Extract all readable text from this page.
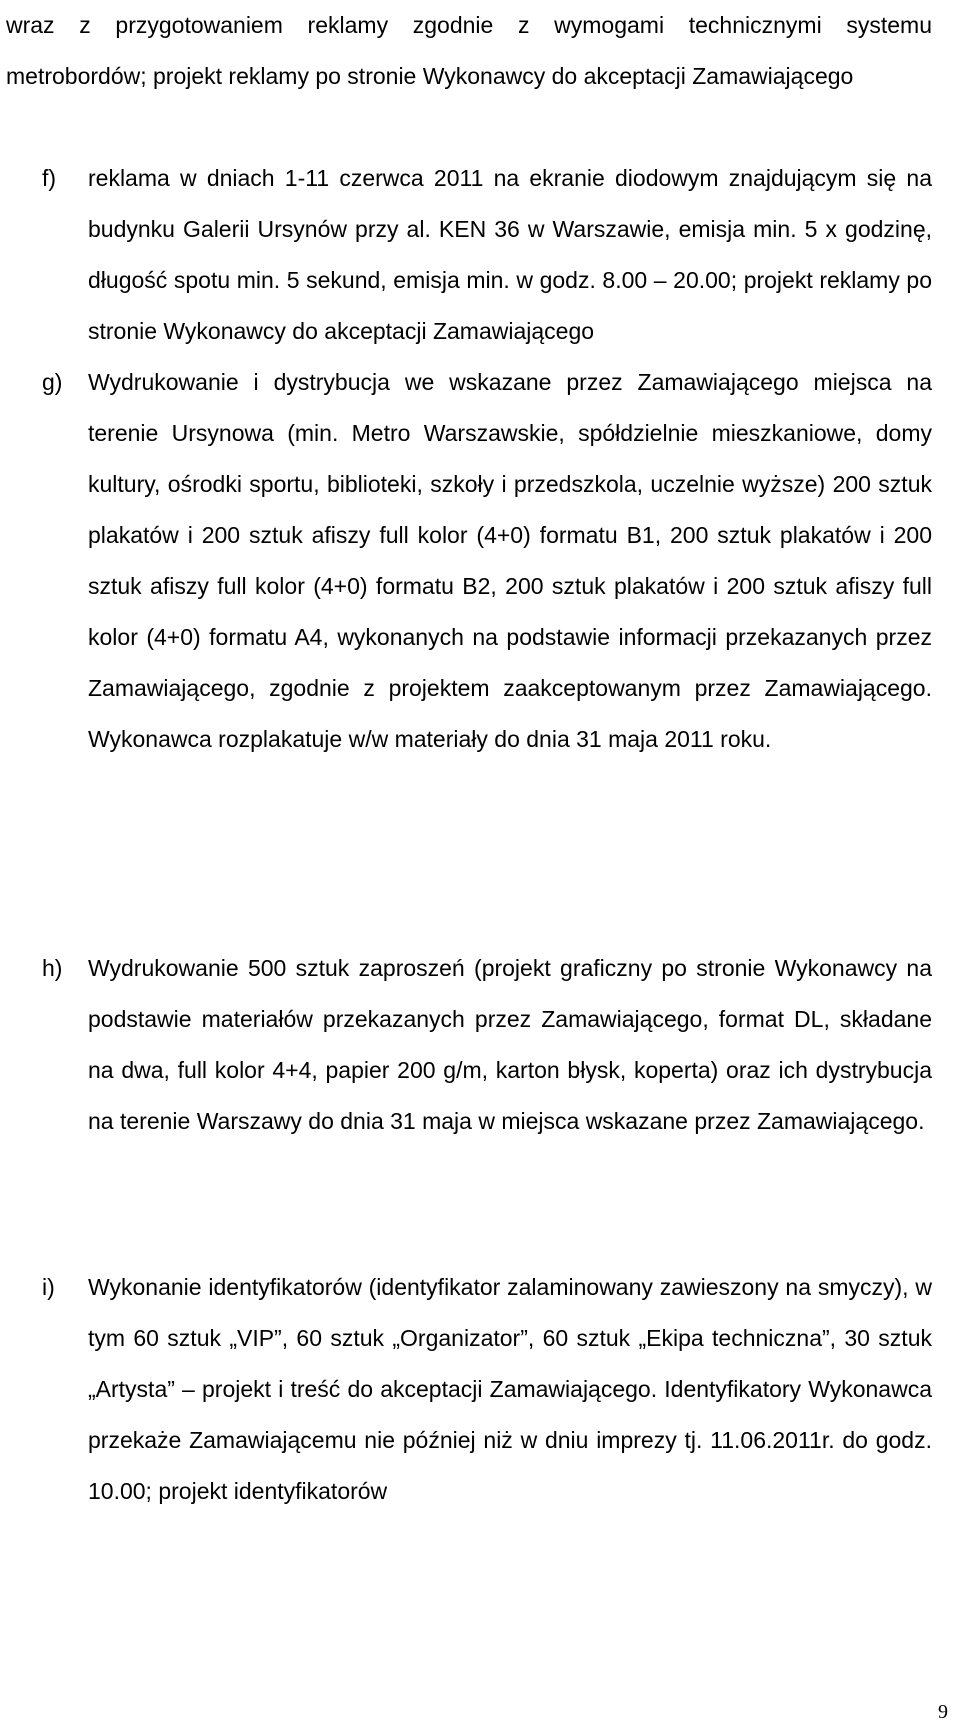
wraz z przygotowaniem reklamy zgodnie z wymogami technicznymi systemu metrobordów; projekt reklamy po stronie Wykonawcy do akceptacji Zamawiającego

f)	reklama w dniach 1-11 czerwca 2011 na ekranie diodowym znajdującym się na budynku Galerii Ursynów przy al. KEN 36 w Warszawie, emisja min. 5 x godzinę, długość spotu min. 5 sekund, emisja min. w godz. 8.00 – 20.00; projekt reklamy po stronie Wykonawcy do akceptacji Zamawiającego
g)	Wydrukowanie i dystrybucja we wskazane przez Zamawiającego miejsca na terenie Ursynowa (min. Metro Warszawskie, spółdzielnie mieszkaniowe, domy kultury, ośrodki sportu, biblioteki, szkoły i przedszkola, uczelnie wyższe) 200 sztuk plakatów i 200 sztuk afiszy full kolor (4+0) formatu B1, 200 sztuk plakatów i 200 sztuk afiszy full kolor (4+0) formatu B2, 200 sztuk plakatów i 200 sztuk afiszy full kolor (4+0) formatu A4, wykonanych na podstawie informacji przekazanych przez Zamawiającego, zgodnie z projektem zaakceptowanym przez Zamawiającego. Wykonawca rozplakatuje w/w materiały do dnia 31 maja 2011 roku.
h)	Wydrukowanie 500 sztuk zaproszeń (projekt graficzny po stronie Wykonawcy na podstawie materiałów przekazanych przez Zamawiającego, format DL, składane na dwa, full kolor 4+4, papier 200 g/m, karton błysk, koperta) oraz ich dystrybucja na terenie Warszawy do dnia 31 maja w miejsca wskazane przez Zamawiającego.
i)	Wykonanie identyfikatorów (identyfikator zalaminowany zawieszony na smyczy), w tym 60 sztuk „VIP”, 60 sztuk „Organizator”, 60 sztuk „Ekipa techniczna”, 30 sztuk „Artysta” – projekt i treść do akceptacji Zamawiającego. Identyfikatory Wykonawca przekaże Zamawiającemu nie później niż w dniu imprezy tj. 11.06.2011r. do godz. 10.00; projekt identyfikatorów
9
